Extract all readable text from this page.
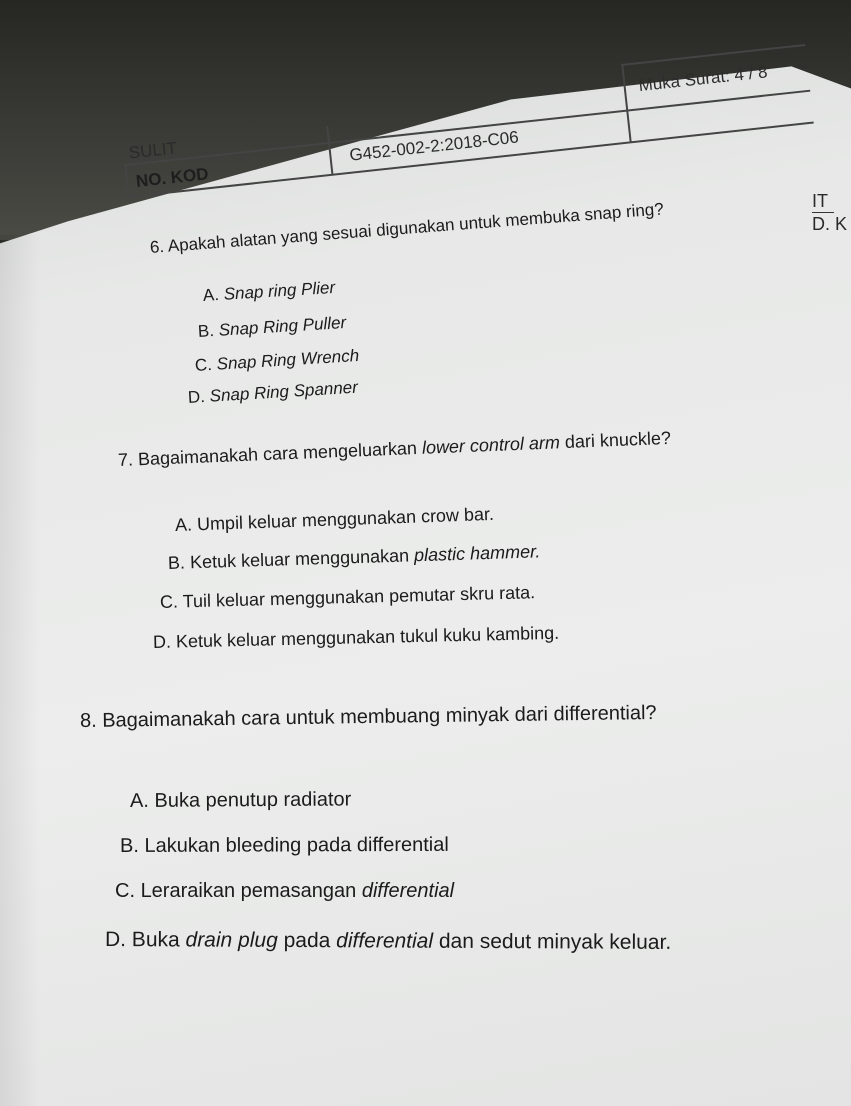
SULIT
NO. KOD
G452-002-2:2018-C06
Muka Surat: 4 / 8
IT
D. K
6. Apakah alatan yang sesuai digunakan untuk membuka snap ring?
A. Snap ring Plier
B. Snap Ring Puller
C. Snap Ring Wrench
D. Snap Ring Spanner
7. Bagaimanakah cara mengeluarkan lower control arm dari knuckle?
A. Umpil keluar menggunakan crow bar.
B. Ketuk keluar menggunakan plastic hammer.
C. Tuil keluar menggunakan pemutar skru rata.
D. Ketuk keluar menggunakan tukul kuku kambing.
8. Bagaimanakah cara untuk membuang minyak dari differential?
A. Buka penutup radiator
B. Lakukan bleeding pada differential
C. Leraraikan pemasangan differential
D. Buka drain plug pada differential dan sedut minyak keluar.
